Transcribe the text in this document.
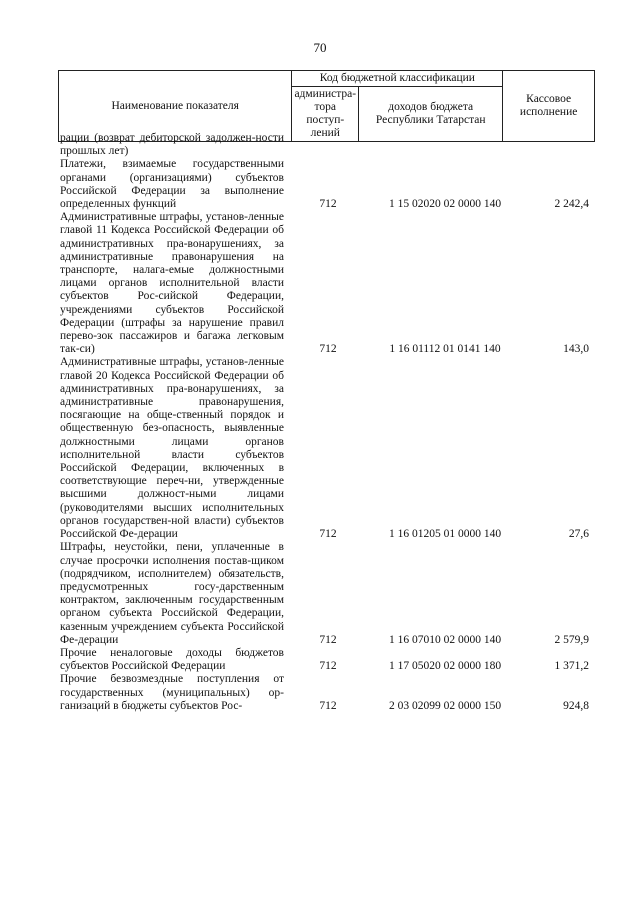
70
Наименование показателя	Код бюджетной классификации		Кассовое исполнение
	администра-тора поступ-лений	доходов бюджета Республики Татарстан	
рации (возврат дебиторской задолжен-ности прошлых лет)
Платежи, взимаемые государственными органами (организациями) субъектов Российской Федерации за выполнение определенных функций	712	1 15 02020 02 0000 140	2 242,4
Административные штрафы, установ-ленные главой 11 Кодекса Российской Федерации об административных пра-вонарушениях, за административные правонарушения на транспорте, налага-емые должностными лицами органов исполнительной власти субъектов Рос-сийской Федерации, учреждениями субъектов Российской Федерации (штрафы за нарушение правил перево-зок пассажиров и багажа легковым так-си)	712	1 16 01112 01 0141 140	143,0
Административные штрафы, установ-ленные главой 20 Кодекса Российской Федерации об административных пра-вонарушениях, за административные правонарушения, посягающие на обще-ственный порядок и общественную без-опасность, выявленные должностными лицами органов исполнительной власти субъектов Российской Федерации, включенных в соответствующие переч-ни, утвержденные высшими должност-ными лицами (руководителями высших исполнительных органов государствен-ной власти) субъектов Российской Фе-дерации	712	1 16 01205 01 0000 140	27,6
Штрафы, неустойки, пени, уплаченные в случае просрочки исполнения постав-щиком (подрядчиком, исполнителем) обязательств, предусмотренных госу-дарственным контрактом, заключенным государственным органом субъекта Российской Федерации, казенным учреждением субъекта Российской Фе-дерации	712	1 16 07010 02 0000 140	2 579,9
Прочие неналоговые доходы бюджетов субъектов Российской Федерации	712	1 17 05020 02 0000 180	1 371,2
Прочие безвозмездные поступления от государственных (муниципальных) ор-ганизаций в бюджеты субъектов Рос-	712	2 03 02099 02 0000 150	924,8
